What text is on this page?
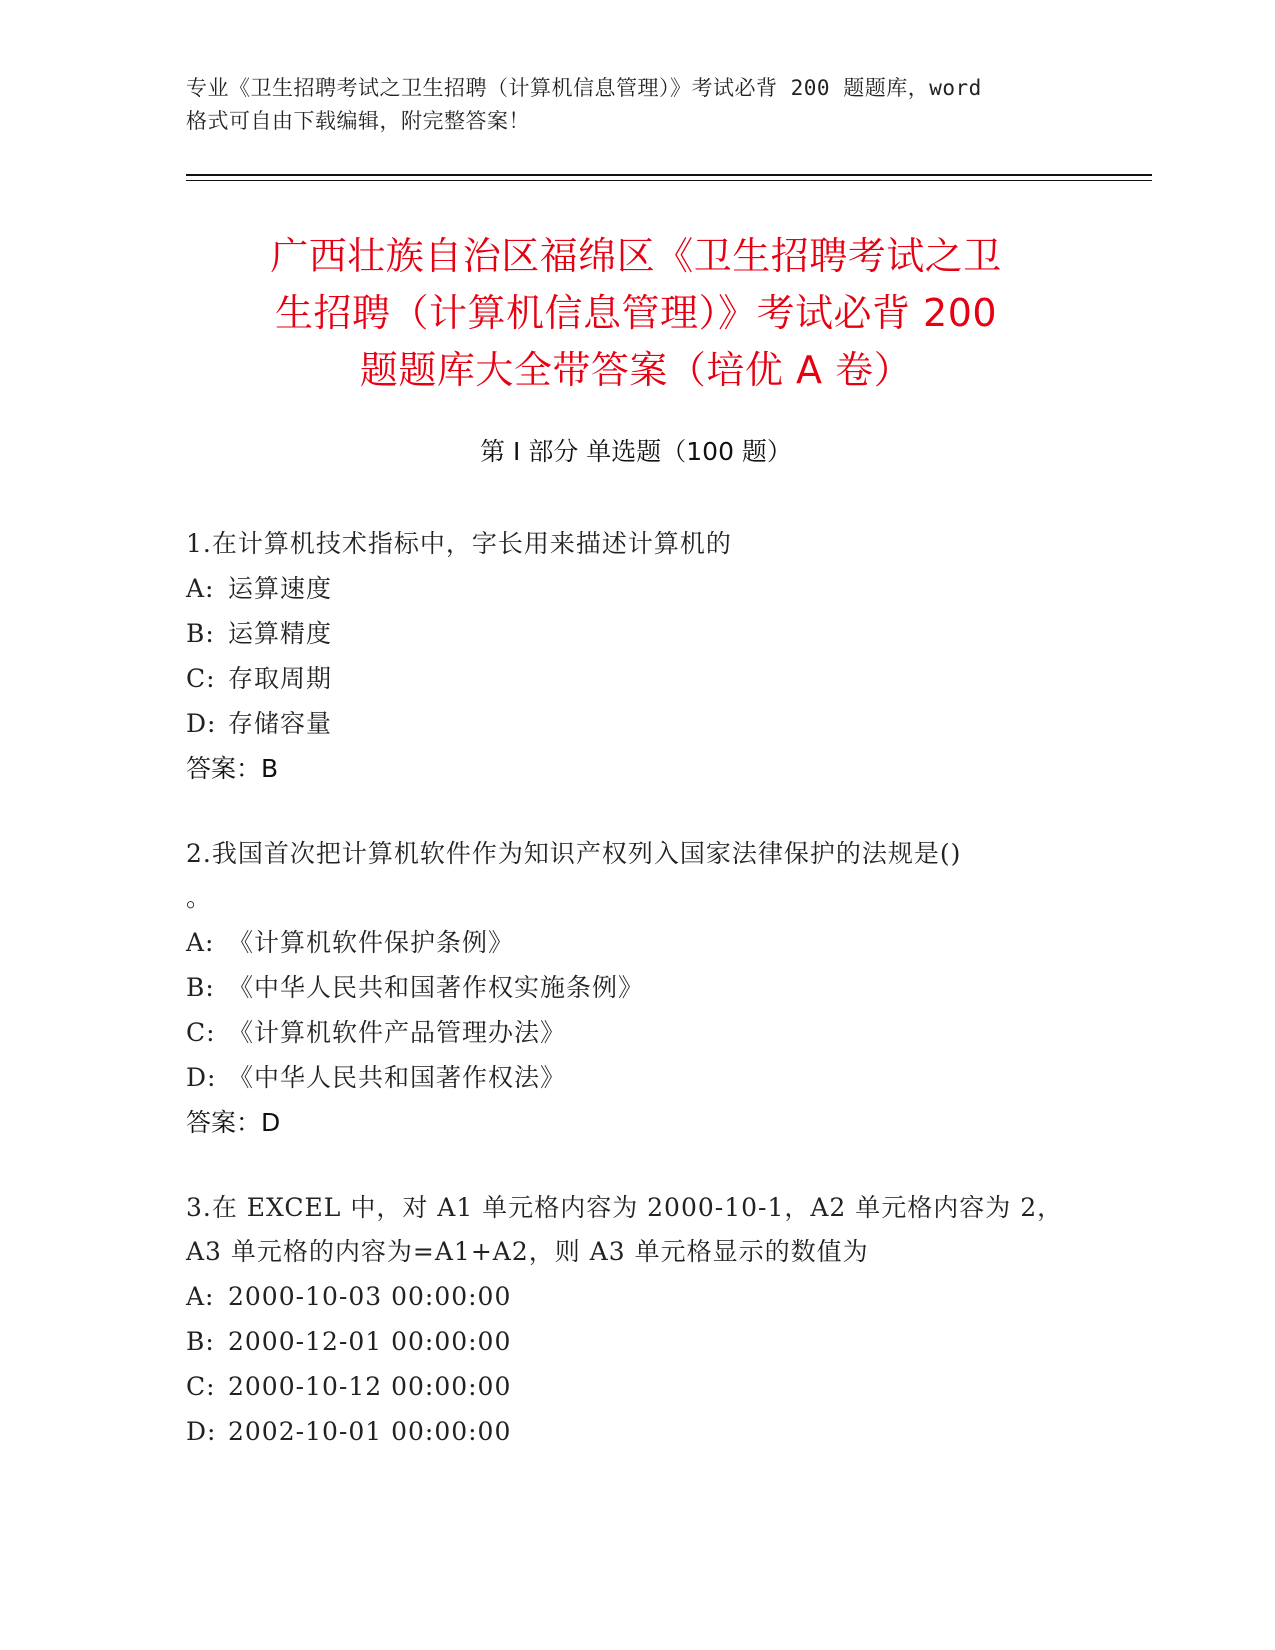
专业《卫生招聘考试之卫生招聘（计算机信息管理）》考试必背 200 题题库，word
格式可自由下载编辑，附完整答案！
广西壮族自治区福绵区《卫生招聘考试之卫
生招聘（计算机信息管理）》考试必背 200
题题库大全带答案（培优 A 卷）
第 I 部分 单选题（100 题）
1.在计算机技术指标中，字长用来描述计算机的
A: 运算速度
B: 运算精度
C: 存取周期
D: 存储容量
答案：B
2.我国首次把计算机软件作为知识产权列入国家法律保护的法规是()
。
A: 《计算机软件保护条例》
B: 《中华人民共和国著作权实施条例》
C: 《计算机软件产品管理办法》
D: 《中华人民共和国著作权法》
答案：D
3.在 EXCEL 中，对 A1 单元格内容为 2000-10-1，A2 单元格内容为 2，
A3 单元格的内容为=A1+A2，则 A3 单元格显示的数值为
A: 2000-10-03 00:00:00
B: 2000-12-01 00:00:00
C: 2000-10-12 00:00:00
D: 2002-10-01 00:00:00
